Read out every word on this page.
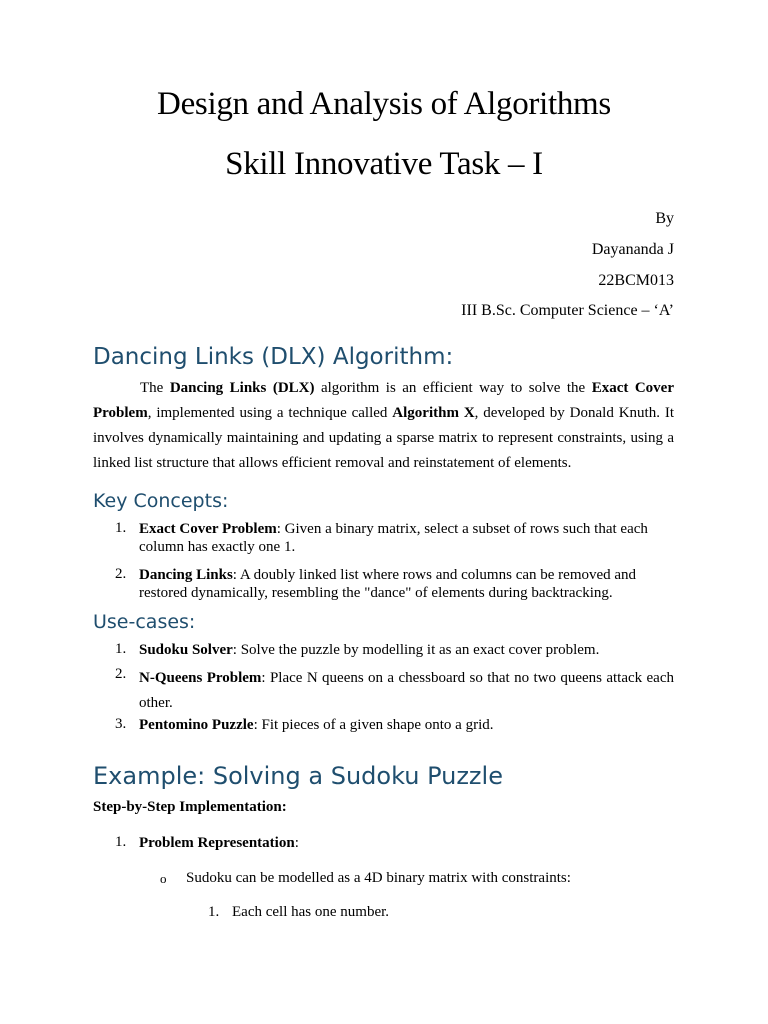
Design and Analysis of Algorithms
Skill Innovative Task – I
By
Dayananda J
22BCM013
III B.Sc. Computer Science – ‘A’
Dancing Links (DLX) Algorithm:
The Dancing Links (DLX) algorithm is an efficient way to solve the Exact Cover Problem, implemented using a technique called Algorithm X, developed by Donald Knuth. It involves dynamically maintaining and updating a sparse matrix to represent constraints, using a linked list structure that allows efficient removal and reinstatement of elements.
Key Concepts:
1. Exact Cover Problem: Given a binary matrix, select a subset of rows such that each column has exactly one 1.
2. Dancing Links: A doubly linked list where rows and columns can be removed and restored dynamically, resembling the "dance" of elements during backtracking.
Use-cases:
1. Sudoku Solver: Solve the puzzle by modelling it as an exact cover problem.
2. N-Queens Problem: Place N queens on a chessboard so that no two queens attack each other.
3. Pentomino Puzzle: Fit pieces of a given shape onto a grid.
Example: Solving a Sudoku Puzzle
Step-by-Step Implementation:
1. Problem Representation:
o Sudoku can be modelled as a 4D binary matrix with constraints:
1. Each cell has one number.
